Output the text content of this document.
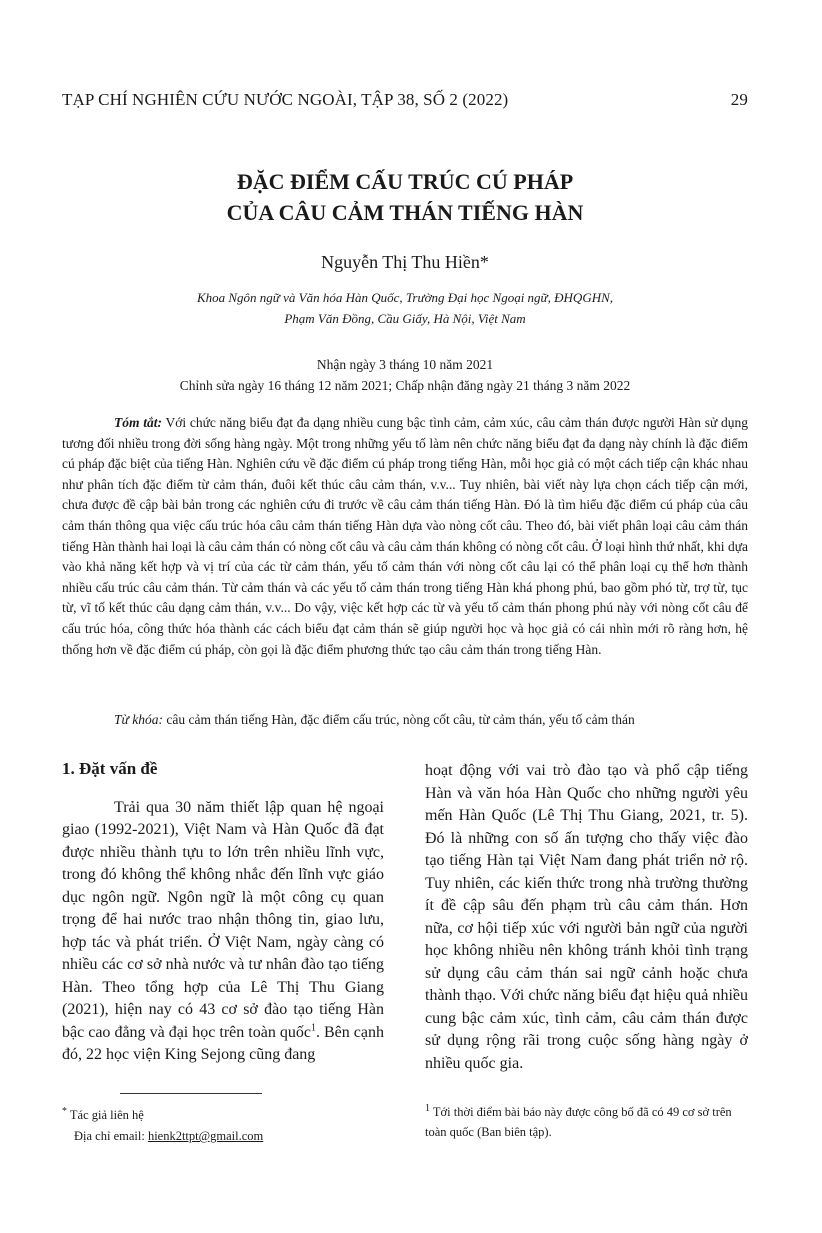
TẠP CHÍ NGHIÊN CỨU NƯỚC NGOÀI, TẬP 38, SỐ 2 (2022)	29
ĐẶC ĐIỂM CẤU TRÚC CÚ PHÁP
CỦA CÂU CẢM THÁN TIẾNG HÀN
Nguyễn Thị Thu Hiền*
Khoa Ngôn ngữ và Văn hóa Hàn Quốc, Trường Đại học Ngoại ngữ, ĐHQGHN,
Phạm Văn Đồng, Cầu Giấy, Hà Nội, Việt Nam
Nhận ngày 3 tháng 10 năm 2021
Chỉnh sửa ngày 16 tháng 12 năm 2021; Chấp nhận đăng ngày 21 tháng 3 năm 2022
Tóm tắt: Với chức năng biểu đạt đa dạng nhiều cung bậc tình cảm, cảm xúc, câu cảm thán được người Hàn sử dụng tương đối nhiều trong đời sống hàng ngày. Một trong những yếu tố làm nên chức năng biểu đạt đa dạng này chính là đặc điểm cú pháp đặc biệt của tiếng Hàn. Nghiên cứu về đặc điểm cú pháp trong tiếng Hàn, mỗi học giả có một cách tiếp cận khác nhau như phân tích đặc điểm từ cảm thán, đuôi kết thúc câu cảm thán, v.v... Tuy nhiên, bài viết này lựa chọn cách tiếp cận mới, chưa được đề cập bài bản trong các nghiên cứu đi trước về câu cảm thán tiếng Hàn. Đó là tìm hiểu đặc điểm cú pháp của câu cảm thán thông qua việc cấu trúc hóa câu cảm thán tiếng Hàn dựa vào nòng cốt câu. Theo đó, bài viết phân loại câu cảm thán tiếng Hàn thành hai loại là câu cảm thán có nòng cốt câu và câu cảm thán không có nòng cốt câu. Ở loại hình thứ nhất, khi dựa vào khả năng kết hợp và vị trí của các từ cảm thán, yếu tố cảm thán với nòng cốt câu lại có thể phân loại cụ thể hơn thành nhiều cấu trúc câu cảm thán. Từ cảm thán và các yếu tố cảm thán trong tiếng Hàn khá phong phú, bao gồm phó từ, trợ từ, tục từ, vĩ tố kết thúc câu dạng cảm thán, v.v... Do vậy, việc kết hợp các từ và yếu tố cảm thán phong phú này với nòng cốt câu để cấu trúc hóa, công thức hóa thành các cách biểu đạt cảm thán sẽ giúp người học và học giả có cái nhìn mới rõ ràng hơn, hệ thống hơn về đặc điểm cú pháp, còn gọi là đặc điểm phương thức tạo câu cảm thán trong tiếng Hàn.
Từ khóa: câu cảm thán tiếng Hàn, đặc điểm cấu trúc, nòng cốt câu, từ cảm thán, yếu tố cảm thán
1. Đặt vấn đề

Trải qua 30 năm thiết lập quan hệ ngoại giao (1992-2021), Việt Nam và Hàn Quốc đã đạt được nhiều thành tựu to lớn trên nhiều lĩnh vực, trong đó không thể không nhắc đến lĩnh vực giáo dục ngôn ngữ. Ngôn ngữ là một công cụ quan trọng để hai nước trao nhận thông tin, giao lưu, hợp tác và phát triển. Ở Việt Nam, ngày càng có nhiều các cơ sở nhà nước và tư nhân đào tạo tiếng Hàn. Theo tổng hợp của Lê Thị Thu Giang (2021), hiện nay có 43 cơ sở đào tạo tiếng Hàn bậc cao đẳng và đại học trên toàn quốc$^1$. Bên cạnh đó, 22 học viện King Sejong cũng đang

hoạt động với vai trò đào tạo và phổ cập tiếng Hàn và văn hóa Hàn Quốc cho những người yêu mến Hàn Quốc (Lê Thị Thu Giang, 2021, tr. 5). Đó là những con số ấn tượng cho thấy việc đào tạo tiếng Hàn tại Việt Nam đang phát triển nở rộ. Tuy nhiên, các kiến thức trong nhà trường thường ít đề cập sâu đến phạm trù câu cảm thán. Hơn nữa, cơ hội tiếp xúc với người bản ngữ của người học không nhiều nên không tránh khỏi tình trạng sử dụng câu cảm thán sai ngữ cảnh hoặc chưa thành thạo. Với chức năng biểu đạt hiệu quả nhiều cung bậc cảm xúc, tình cảm, câu cảm thán được sử dụng rộng rãi trong cuộc sống hàng ngày ở nhiều quốc gia.

* Tác giả liên hệ
Địa chỉ email: hienk2ttpt@gmail.com
$^1$ Tới thời điểm bài báo này được công bố đã có 49 cơ sở trên toàn quốc (Ban biên tập).
